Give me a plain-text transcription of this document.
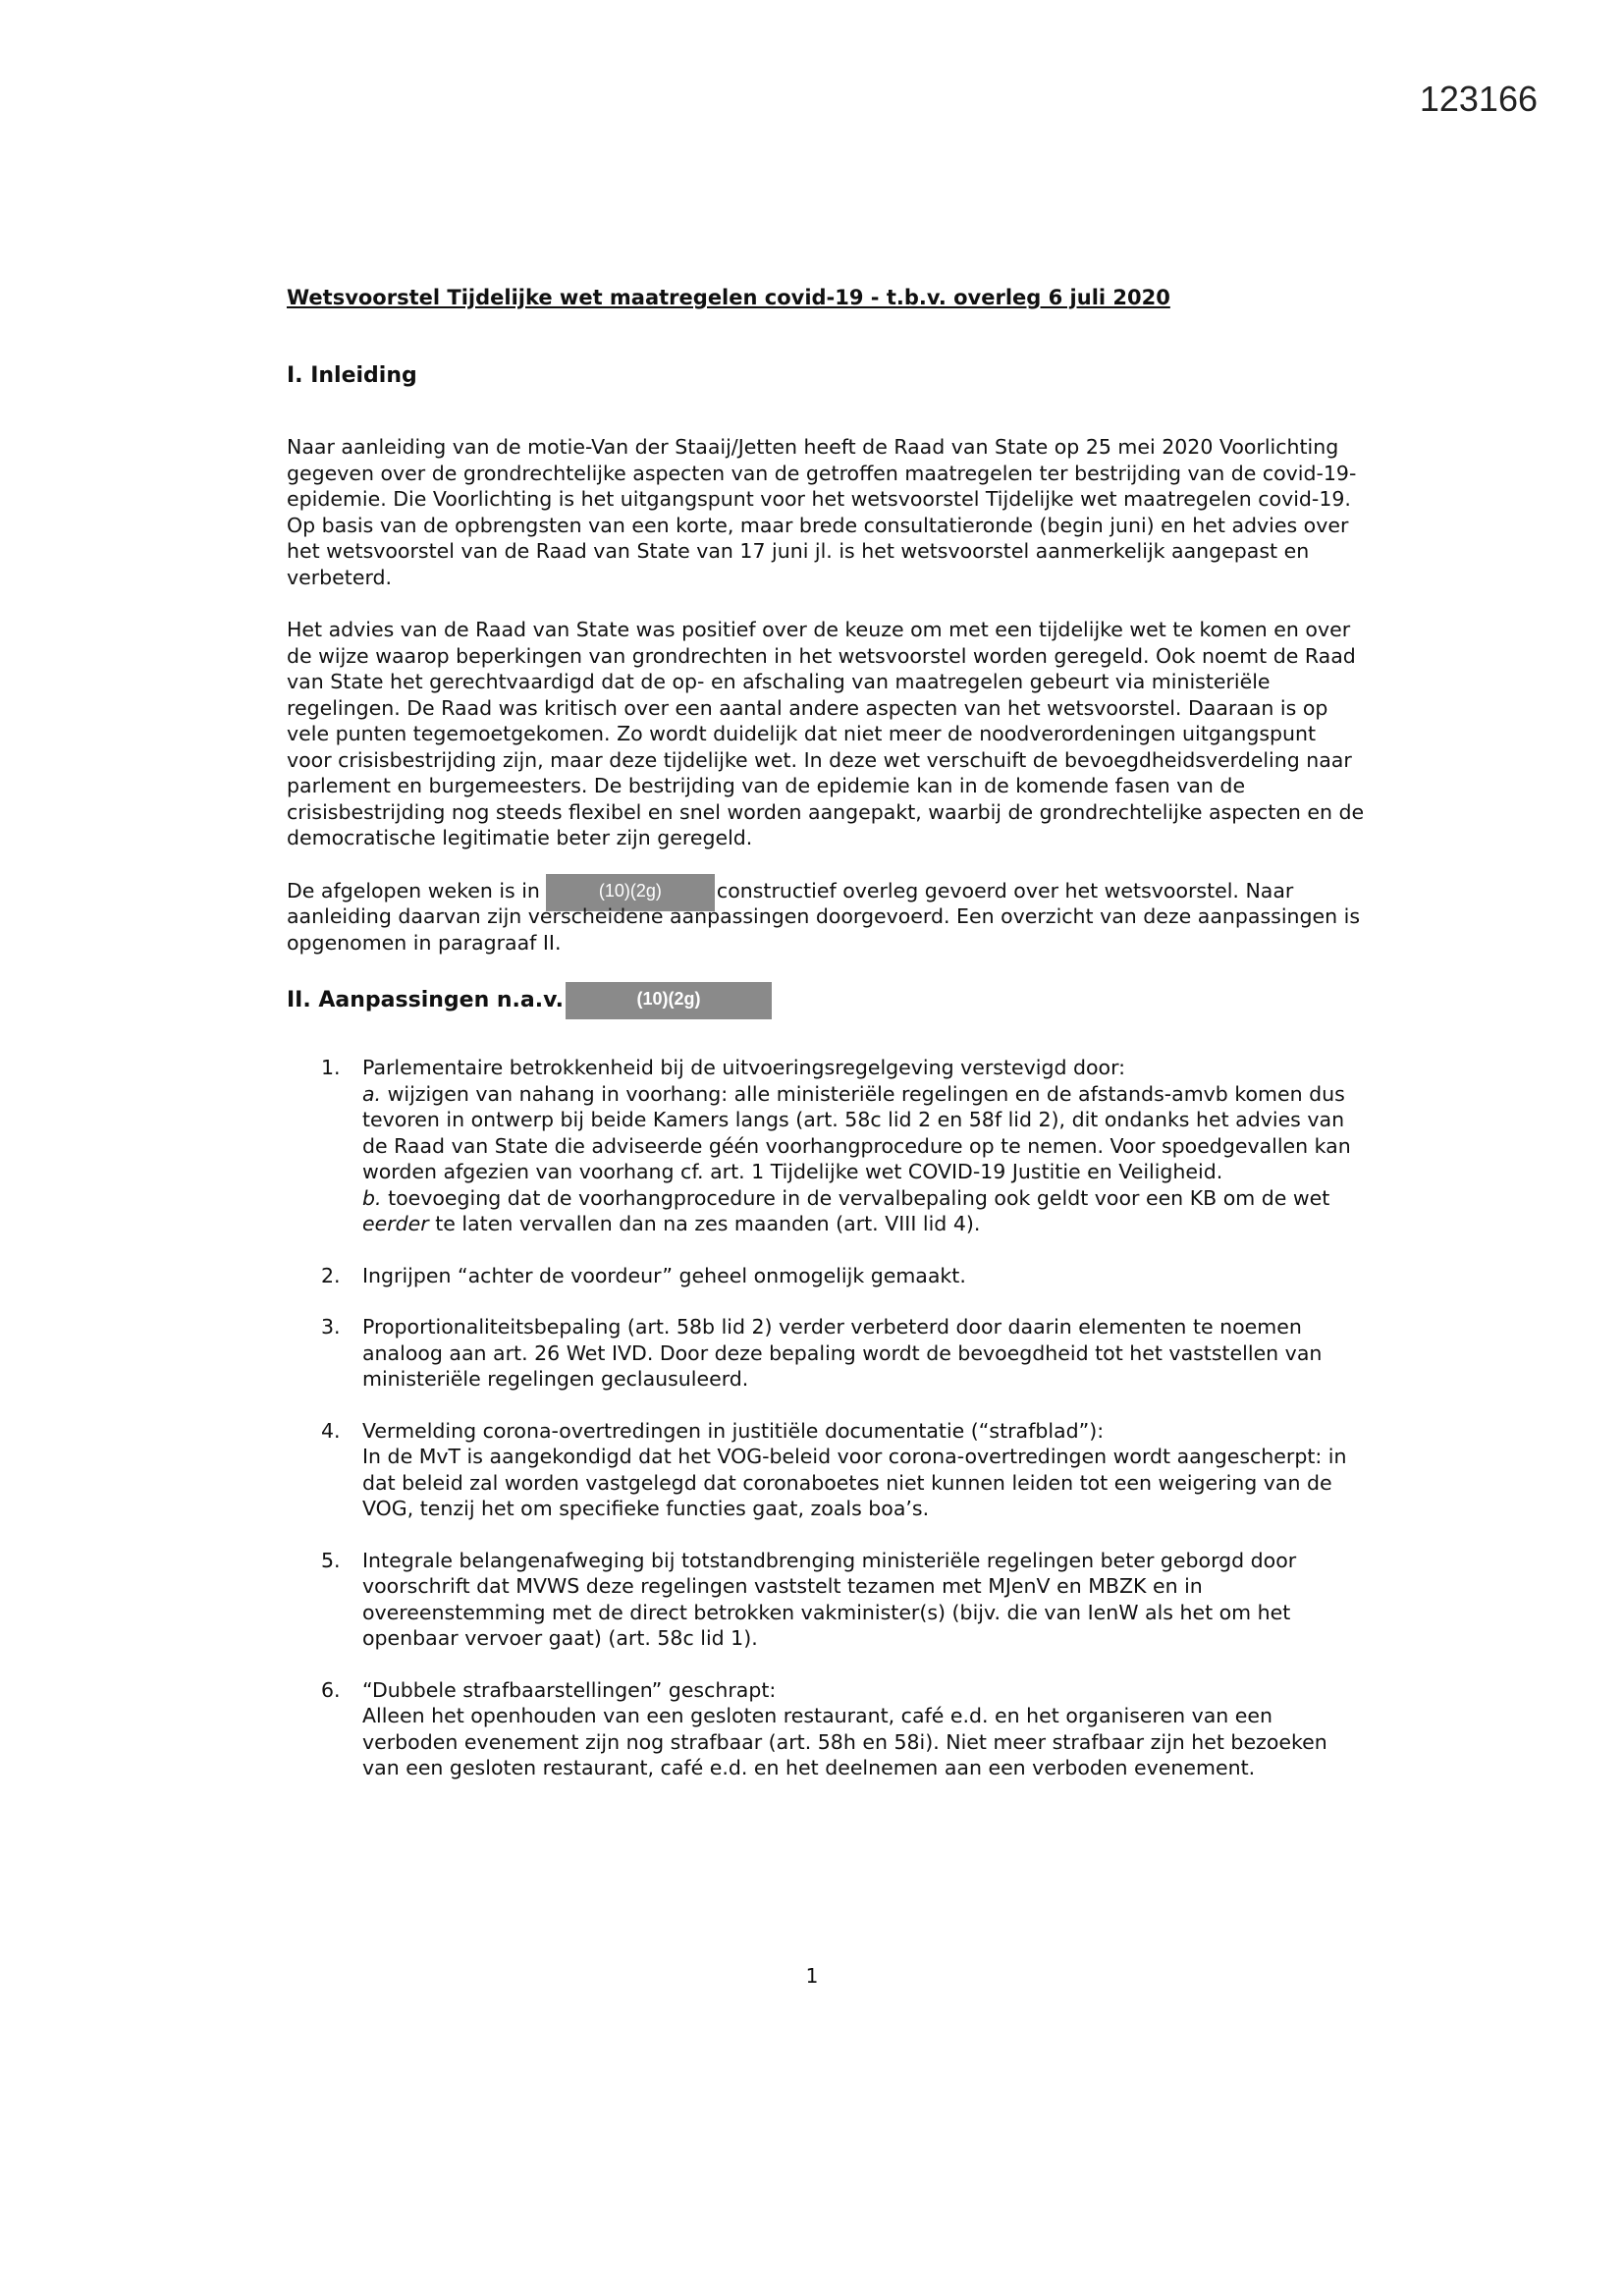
123166
Wetsvoorstel Tijdelijke wet maatregelen covid-19 - t.b.v. overleg 6 juli 2020
I. Inleiding

Naar aanleiding van de motie-Van der Staaij/Jetten heeft de Raad van State op 25 mei 2020 Voorlichting gegeven over de grondrechtelijke aspecten van de getroffen maatregelen ter bestrijding van de covid-19-epidemie. Die Voorlichting is het uitgangspunt voor het wetsvoorstel Tijdelijke wet maatregelen covid-19. Op basis van de opbrengsten van een korte, maar brede consultatieronde (begin juni) en het advies over het wetsvoorstel van de Raad van State van 17 juni jl. is het wetsvoorstel aanmerkelijk aangepast en verbeterd.

Het advies van de Raad van State was positief over de keuze om met een tijdelijke wet te komen en over de wijze waarop beperkingen van grondrechten in het wetsvoorstel worden geregeld. Ook noemt de Raad van State het gerechtvaardigd dat de op- en afschaling van maatregelen gebeurt via ministeriële regelingen. De Raad was kritisch over een aantal andere aspecten van het wetsvoorstel. Daaraan is op vele punten tegemoetgekomen. Zo wordt duidelijk dat niet meer de noodverordeningen uitgangspunt voor crisisbestrijding zijn, maar deze tijdelijke wet. In deze wet verschuift de bevoegdheidsverdeling naar parlement en burgemeesters. De bestrijding van de epidemie kan in de komende fasen van de crisisbestrijding nog steeds flexibel en snel worden aangepakt, waarbij de grondrechtelijke aspecten en de democratische legitimatie beter zijn geregeld.

De afgelopen weken is in	(10)(2g)	constructief overleg gevoerd over het wetsvoorstel. Naar aanleiding daarvan zijn verscheidene aanpassingen doorgevoerd. Een overzicht van deze aanpassingen is opgenomen in paragraaf II.

II. Aanpassingen n.a.v.	(10)(2g)
1. Parlementaire betrokkenheid bij de uitvoeringsregelgeving verstevigd door:
a. wijzigen van nahang in voorhang: alle ministeriële regelingen en de afstands-amvb komen dus tevoren in ontwerp bij beide Kamers langs (art. 58c lid 2 en 58f lid 2), dit ondanks het advies van de Raad van State die adviseerde géén voorhangprocedure op te nemen. Voor spoedgevallen kan worden afgezien van voorhang cf. art. 1 Tijdelijke wet COVID-19 Justitie en Veiligheid.
b. toevoeging dat de voorhangprocedure in de vervalbepaling ook geldt voor een KB om de wet eerder te laten vervallen dan na zes maanden (art. VIII lid 4).
2. Ingrijpen “achter de voordeur” geheel onmogelijk gemaakt.
3. Proportionaliteitsbepaling (art. 58b lid 2) verder verbeterd door daarin elementen te noemen analoog aan art. 26 Wet IVD. Door deze bepaling wordt de bevoegdheid tot het vaststellen van ministeriële regelingen geclausuleerd.
4. Vermelding corona-overtredingen in justitiële documentatie (“strafblad”):
In de MvT is aangekondigd dat het VOG-beleid voor corona-overtredingen wordt aangescherpt: in dat beleid zal worden vastgelegd dat coronaboetes niet kunnen leiden tot een weigering van de VOG, tenzij het om specifieke functies gaat, zoals boa’s.
5. Integrale belangenafweging bij totstandbrenging ministeriële regelingen beter geborgd door voorschrift dat MVWS deze regelingen vaststelt tezamen met MJenV en MBZK en in overeenstemming met de direct betrokken vakminister(s) (bijv. die van IenW als het om het openbaar vervoer gaat) (art. 58c lid 1).
6. “Dubbele strafbaarstellingen” geschrapt:
Alleen het openhouden van een gesloten restaurant, café e.d. en het organiseren van een verboden evenement zijn nog strafbaar (art. 58h en 58i). Niet meer strafbaar zijn het bezoeken van een gesloten restaurant, café e.d. en het deelnemen aan een verboden evenement.
1
